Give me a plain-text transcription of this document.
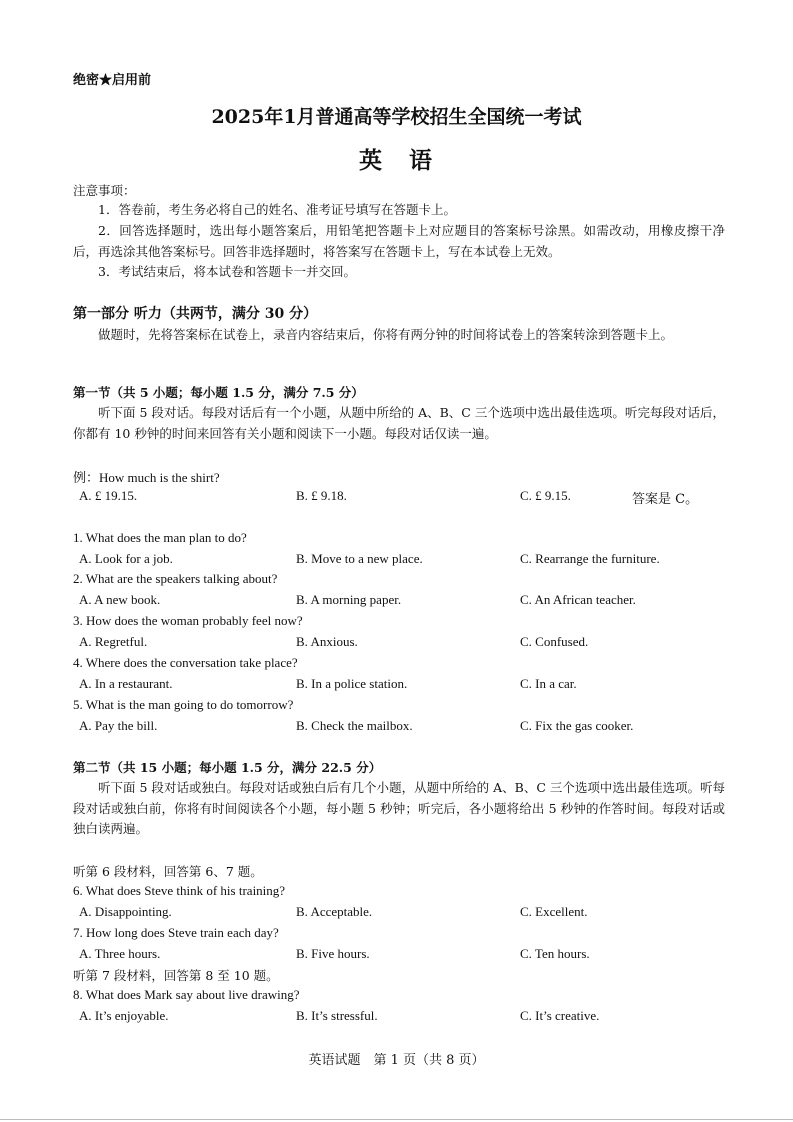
绝密★启用前
2025年1月普通高等学校招生全国统一考试
英　语
注意事项：
1．答卷前，考生务必将自己的姓名、准考证号填写在答题卡上。
2．回答选择题时，选出每小题答案后，用铅笔把答题卡上对应题目的答案标号涂黑。如需改动，用橡皮擦干净后，再选涂其他答案标号。回答非选择题时，将答案写在答题卡上，写在本试卷上无效。
3．考试结束后，将本试卷和答题卡一并交回。
第一部分 听力（共两节，满分 30 分）
做题时，先将答案标在试卷上，录音内容结束后，你将有两分钟的时间将试卷上的答案转涂到答题卡上。
第一节（共 5 小题；每小题 1.5 分，满分 7.5 分）
听下面 5 段对话。每段对话后有一个小题，从题中所给的 A、B、C 三个选项中选出最佳选项。听完每段对话后，你都有 10 秒钟的时间来回答有关小题和阅读下一小题。每段对话仅读一遍。
例：How much is the shirt?
A. £ 19.15.	B. £ 9.18.	C. £ 9.15.	答案是 C。
1. What does the man plan to do?
A. Look for a job.	B. Move to a new place.	C. Rearrange the furniture.
2. What are the speakers talking about?
A. A new book.	B. A morning paper.	C. An African teacher.
3. How does the woman probably feel now?
A. Regretful.	B. Anxious.	C. Confused.
4. Where does the conversation take place?
A. In a restaurant.	B. In a police station.	C. In a car.
5. What is the man going to do tomorrow?
A. Pay the bill.	B. Check the mailbox.	C. Fix the gas cooker.
第二节（共 15 小题；每小题 1.5 分，满分 22.5 分）
听下面 5 段对话或独白。每段对话或独白后有几个小题，从题中所给的 A、B、C 三个选项中选出最佳选项。听每段对话或独白前，你将有时间阅读各个小题，每小题 5 秒钟；听完后，各小题将给出 5 秒钟的作答时间。每段对话或独白读两遍。
听第 6 段材料，回答第 6、7 题。
6. What does Steve think of his training?
A. Disappointing.	B. Acceptable.	C. Excellent.
7. How long does Steve train each day?
A. Three hours.	B. Five hours.	C. Ten hours.
听第 7 段材料，回答第 8 至 10 题。
8. What does Mark say about live drawing?
A. It’s enjoyable.	B. It’s stressful.	C. It’s creative.
英语试题　第 1 页（共 8 页）
